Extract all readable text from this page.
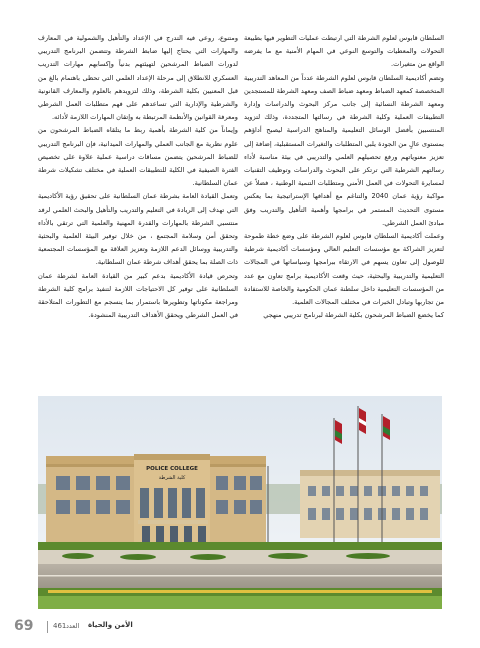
السلطان قابوس لعلوم الشرطة التي ارتبطت عمليات التطوير فيها بطبيعة التحولات والمعطيات والتوسع النوعي في المهام الأمنية مع ما يفرضه الواقع من متغيرات.

وتضم أكاديمية السلطان قابوس لعلوم الشرطة عدداً من المعاهد التدريبية المتخصصة كمعهد الضباط ومعهد ضباط الصف ومعهد الشرطة للمستجدين ومعهد الشرطة النسائية إلى جانب مركز البحوث والدراسات وإدارة التطبيقات العملية وكلية الشرطة في رسالتها المتجددة، وذلك لتزويد المنتسبين بأفضل الوسائل التعليمية والمناهج الدراسية ليصبح أداؤهم بمستوى عالٍ من الجودة يلبي المتطلبات والتغيرات المستقبلية، إضافة إلى تعزيز معنوياتهم ورفع تحصيلهم العلمي والتدريبي في بيئة مناسبة لأداء رسالتهم الشرطية التي ترتكز على البحوث والدراسات وتوظيف التقنيات لمسايرة التحولات في العمل الأمني ومتطلبات التنمية الوطنية ، فضلاً عن مواكبة رؤية عمان 2040 والتناغم مع أهدافها الإستراتيجية بما يعكس مستوى التحديث المستمر في برامجها وأهمية التأهيل والتدريب وفق مبادئ العمل الشرطي.

وعملت أكاديمية السلطان قابوس لعلوم الشرطة على وضع خطة طموحة لتعزيز الشراكة مع مؤسسات التعليم العالي ومؤسسات أكاديمية شرطية للوصول إلى تعاون يسهم في الارتقاء ببرامجها وسياساتها في المجالات التعليمية والتدريبية والبحثية، حيث وقعت الأكاديمية برامج تعاون مع عدد من المؤسسات التعليمية داخل سلطنة عمان الحكومية والخاصة للاستفادة من تجاربها وتبادل الخبرات في مختلف المجالات العلمية.

كما يخضع الضباط المرشحون بكلية الشرطة لبرنامج تدريبي منهجي

ومتنوع، روعي فيه التدرج في الإعداد والتأهيل والشمولية في المعارف والمهارات التي يحتاج إليها ضابط الشرطة وتتضمن البرنامج التدريبي لدورات الضباط المرشحين لتهيئتهم بدنياً وإكسابهم مهارات التدريب العسكري للانطلاق إلى مرحلة الإعداد العلمي التي تحظى باهتمام بالغ من قبل المعنيين بكلية الشرطة، وذلك لتزويدهم بالعلوم والمعارف القانونية والشرطية والإدارية التي تساعدهم على فهم متطلبات العمل الشرطي ومعرفة القوانين والأنظمة المرتبطة به وإتقان المهارات اللازمة لأدائه.

وإيماناً من كلية الشرطة بأهمية ربط ما يتلقاه الضباط المرشحون من علوم نظرية مع الجانب العملي والمهارات الميدانية، فإن البرنامج التدريبي للضباط المرشحين يتضمن مساقات دراسية عملية علاوة على تخصيص الفترة الصيفية في الكلية للتطبيقات العملية في مختلف تشكيلات شرطة عمان السلطانية.

وتعمل القيادة العامة بشرطة عمان السلطانية على تحقيق رؤية الأكاديمية التي تهدف إلى الريادة في التعليم والتدريب والتأهيل والبحث العلمي لرفد منتسبي الشرطة بالمهارات والقدرة المهنية والعلمية التي ترتقي بالأداء وتحقق أمن وسلامة المجتمع ، من خلال توفير البيئة العلمية والبحثية والتدريبية ووسائل الدعم اللازمة وتعزيز العلاقة مع المؤسسات المجتمعية ذات الصلة بما يحقق أهداف شرطة عمان السلطانية.

وتحرص قيادة الأكاديمية بدعم كبير من القيادة العامة لشرطة عمان السلطانية على توفير كل الاحتياجات اللازمة لتنفيذ برامج كلية الشرطة ومراجعة مكوناتها وتطويرها باستمرار بما ينسجم مع التطورات المتلاحقة في العمل الشرطي ويحقق الأهداف التدريبية المنشودة.

POLICE COLLEGE
كلية الشرطة
69	461 العدد الأمن والحياة
